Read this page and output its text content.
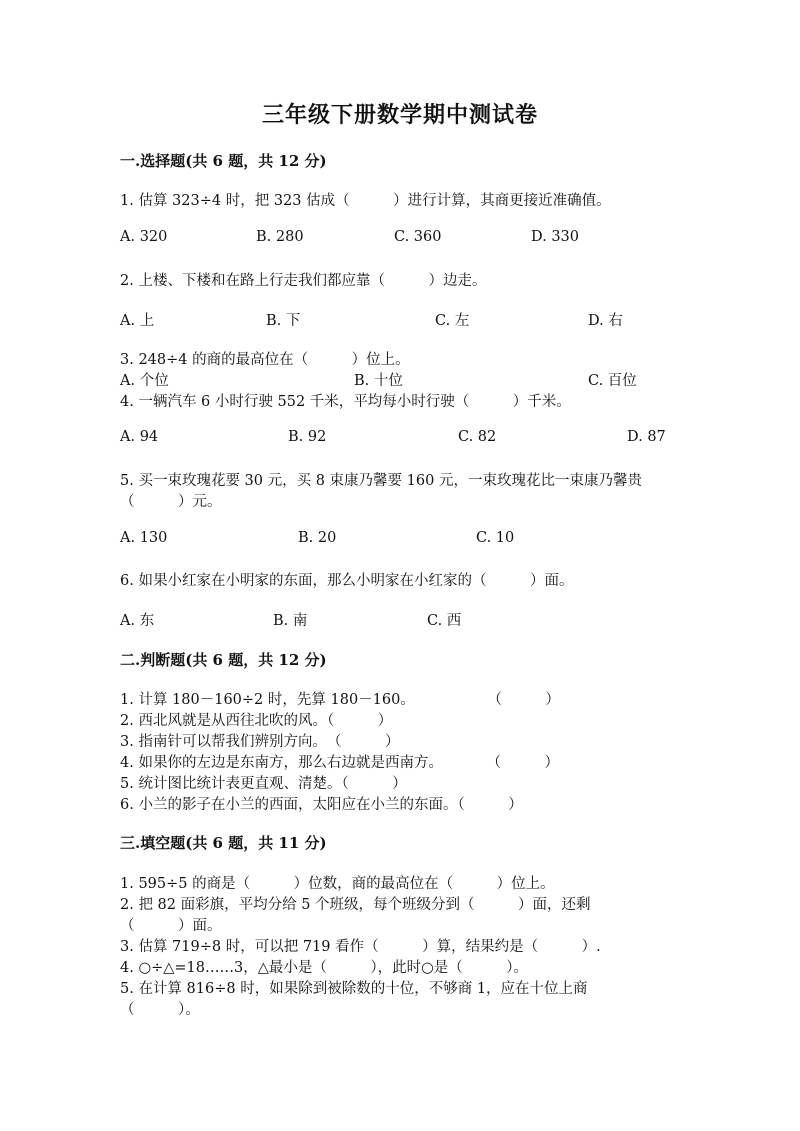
三年级下册数学期中测试卷
一.选择题(共 6 题，共 12 分)
1. 估算 323÷4 时，把 323 估成（　　　）进行计算，其商更接近准确值。
A. 320	B. 280	C. 360	D. 330
2. 上楼、下楼和在路上行走我们都应靠（　　　）边走。
A. 上	B. 下	C. 左	D. 右
3. 248÷4 的商的最高位在（　　　）位上。
A. 个位	B. 十位	C. 百位
4. 一辆汽车 6 小时行驶 552 千米，平均每小时行驶（　　　）千米。
A. 94	B. 92	C. 82	D. 87
5. 买一束玫瑰花要 30 元，买 8 束康乃馨要 160 元，一束玫瑰花比一束康乃馨贵
（　　　）元。
A. 130	B. 20	C. 10
6. 如果小红家在小明家的东面，那么小明家在小红家的（　　　）面。
A. 东	B. 南	C. 西
二.判断题(共 6 题，共 12 分)
1. 计算 180－160÷2 时，先算 180－160。　　　　　　（　　　）
2. 西北风就是从西往北吹的风。（　　　）
3. 指南针可以帮我们辨别方向。　（　　　）
4. 如果你的左边是东南方，那么右边就是西南方。　　　　（　　　）
5. 统计图比统计表更直观、清楚。（　　　）
6. 小兰的影子在小兰的西面，太阳应在小兰的东面。（　　　）
三.填空题(共 6 题，共 11 分)
1. 595÷5 的商是（　　　）位数，商的最高位在（　　　）位上。
2. 把 82 面彩旗，平均分给 5 个班级，每个班级分到（　　　）面，还剩
（　　　）面。
3. 估算 719÷8 时，可以把 719 看作（　　　）算，结果约是（　　　）.
4. ○÷△=18……3，△最小是（　　　），此时○是（　　　）。
5. 在计算 816÷8 时，如果除到被除数的十位，不够商 1，应在十位上商
（　　　）。
